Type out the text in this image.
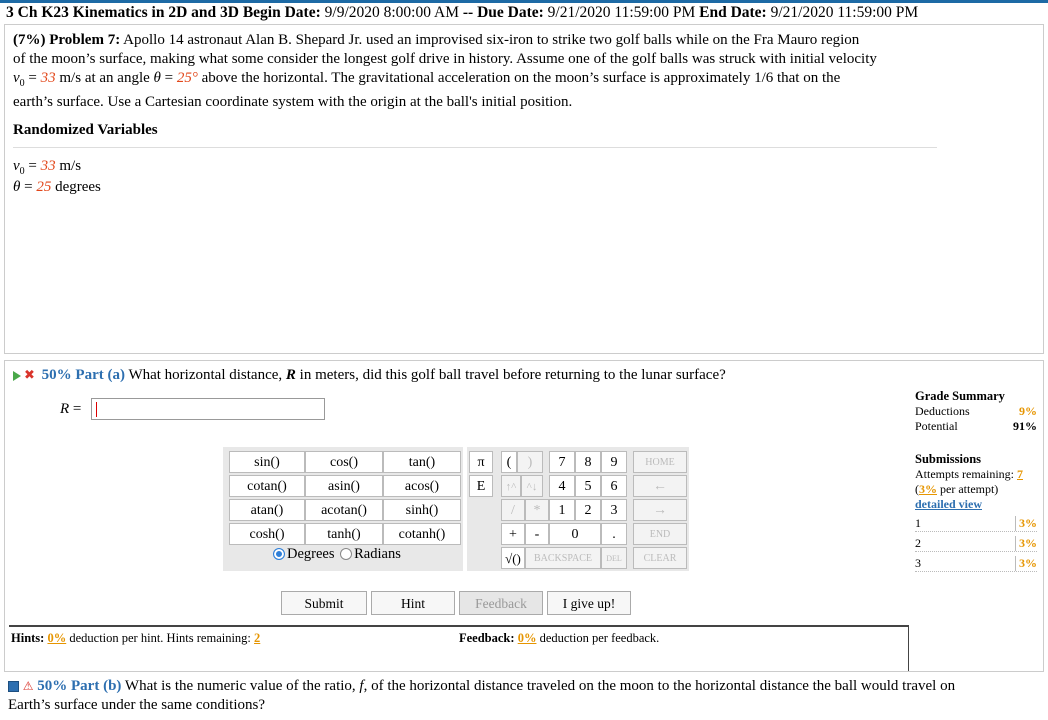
3 Ch K23 Kinematics in 2D and 3D Begin Date: 9/9/2020 8:00:00 AM -- Due Date: 9/21/2020 11:59:00 PM End Date: 9/21/2020 11:59:00 PM
(7%) Problem 7: Apollo 14 astronaut Alan B. Shepard Jr. used an improvised six-iron to strike two golf balls while on the Fra Mauro region
of the moon’s surface, making what some consider the longest golf drive in history. Assume one of the golf balls was struck with initial velocity
$v_0 = 33$ m/s at an angle θ = 25° above the horizontal. The gravitational acceleration on the moon’s surface is approximately 1/6 that on the
earth’s surface. Use a Cartesian coordinate system with the origin at the ball's initial position.
Randomized Variables
$v_0 = 33$ m/s
θ = 25 degrees
✖ 50% Part (a) What horizontal distance, R in meters, did this golf ball travel before returning to the lunar surface?
R =
sin()	cos()	tan()
cotan()	asin()	acos()
atan()	acotan()	sinh()
cosh()	tanh()	cotanh()
Degrees Radians
π	(	)	7	8	9	HOME
E	↑^ ^↓	4	5	6	←
/	*	1	2	3	→
+	-	0	.	END
√()	BACKSPACE	DEL	CLEAR
Submit	Hint	Feedback	I give up!
Hints: 0% deduction per hint. Hints remaining: 2	Feedback: 0% deduction per feedback.
Grade Summary
Deductions	9%
Potential	91%
Submissions
Attempts remaining: 7
(3% per attempt)
detailed view
1	3%
2	3%
3	3%
⚠ 50% Part (b) What is the numeric value of the ratio, f, of the horizontal distance traveled on the moon to the horizontal distance the ball would travel on
Earth’s surface under the same conditions?
